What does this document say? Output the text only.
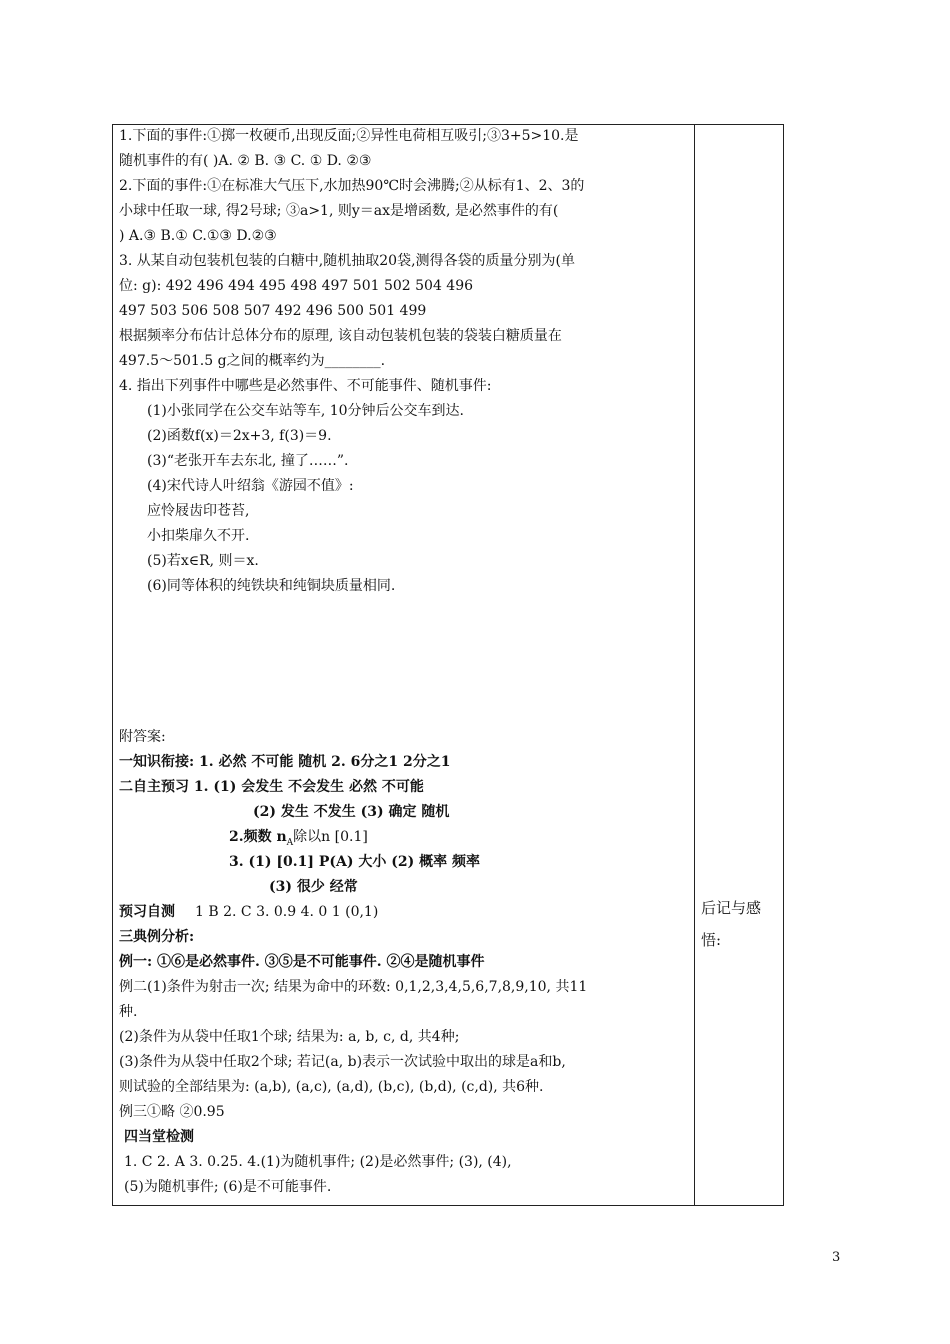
1.下面的事件:①掷一枚硬币,出现反面;②异性电荷相互吸引;③3+5>10.是
随机事件的有( )A. ② B. ③ C. ① D. ②③
2.下面的事件:①在标准大气压下,水加热90℃时会沸腾;②从标有1、2、3的
小球中任取一球, 得2号球; ③a>1, 则y＝ax是增函数, 是必然事件的有(
) A.③ B.① C.①③ D.②③
3. 从某自动包装机包装的白糖中,随机抽取20袋,测得各袋的质量分别为(单
位: g): 492 496 494 495 498 497 501 502 504 496
497 503 506 508 507 492 496 500 501 499
根据频率分布估计总体分布的原理, 该自动包装机包装的袋装白糖质量在
497.5～501.5 g之间的概率约为________.
4. 指出下列事件中哪些是必然事件、不可能事件、随机事件:
(1)小张同学在公交车站等车, 10分钟后公交车到达.
(2)函数f(x)＝2x+3, f(3)＝9.
(3)“老张开车去东北, 撞了……”.
(4)宋代诗人叶绍翁《游园不值》:
应怜屐齿印苍苔,
小扣柴扉久不开.
(5)若x∈R, 则＝x.
(6)同等体积的纯铁块和纯铜块质量相同.
附答案:
一知识衔接: 1. 必然 不可能 随机 2. 6分之1 2分之1
二自主预习 1. (1) 会发生 不会发生 必然 不可能
(2) 发生 不发生 (3) 确定 随机
2.频数 $n_A$除以n [0.1]
3. (1) [0.1] P(A) 大小 (2) 概率 频率
(3) 很少 经常
预习自测 1 B 2. C 3. 0.9 4. 0 1 (0,1)
三典例分析:
例一: ①⑥是必然事件. ③⑤是不可能事件. ②④是随机事件
例二(1)条件为射击一次; 结果为命中的环数: 0,1,2,3,4,5,6,7,8,9,10, 共11
种.
(2)条件为从袋中任取1个球; 结果为: a, b, c, d, 共4种;
(3)条件为从袋中任取2个球; 若记(a, b)表示一次试验中取出的球是a和b,
则试验的全部结果为: (a,b), (a,c), (a,d), (b,c), (b,d), (c,d), 共6种.
例三①略 ②0.95
四当堂检测
1. C 2. A 3. 0.25. 4.(1)为随机事件; (2)是必然事件; (3), (4),
(5)为随机事件; (6)是不可能事件.
后记与感
悟:
3
